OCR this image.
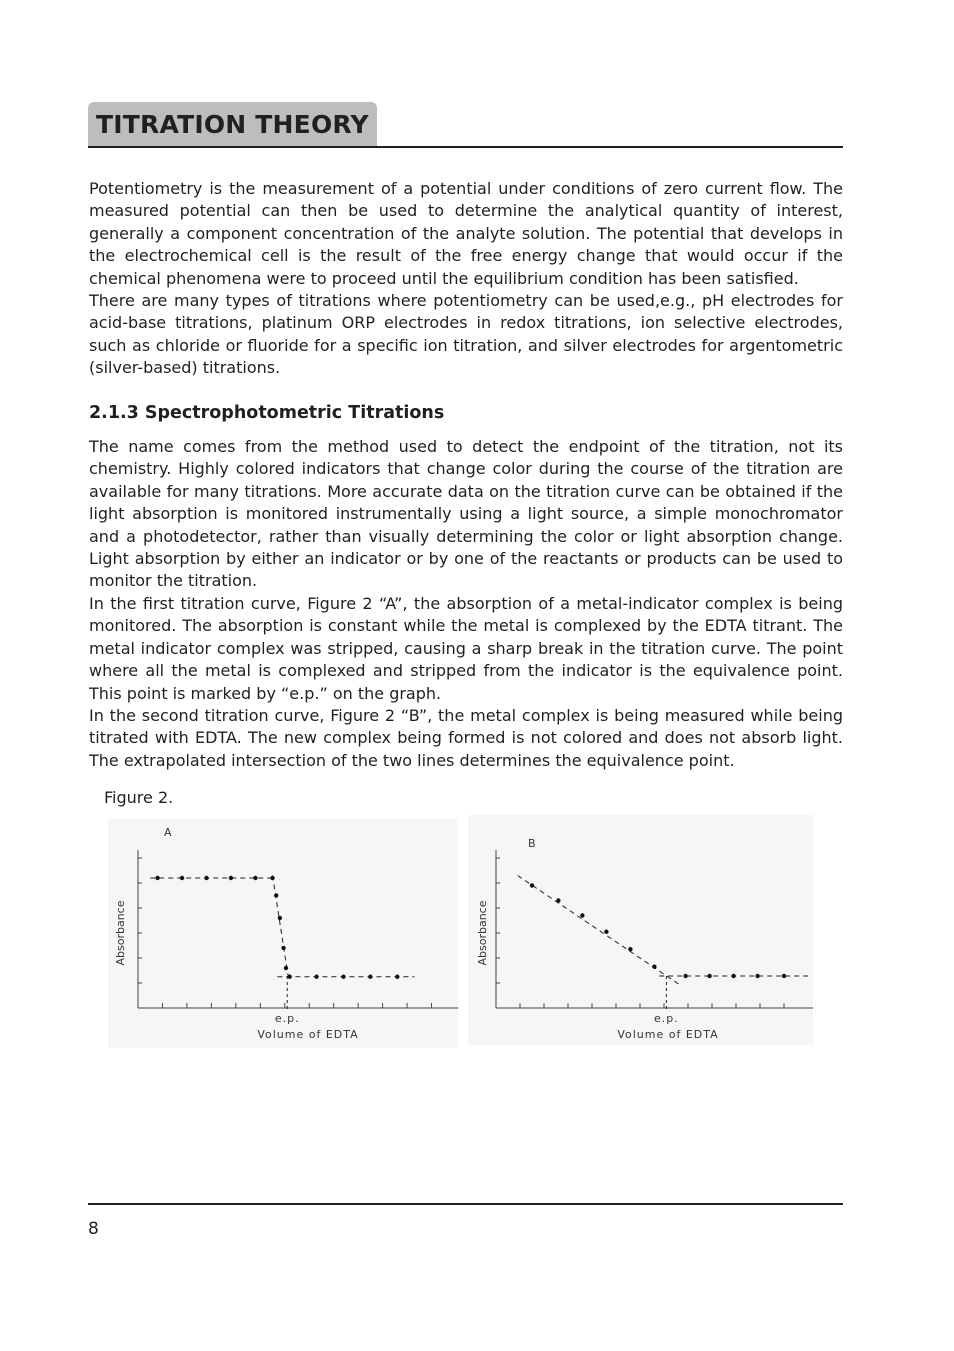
TITRATION THEORY

Potentiometry is the measurement of a potential under conditions of zero current flow. The measured potential can then be used to determine the analytical quantity of interest, generally a component concentration of the analyte solution. The potential that develops in the electrochemical cell is the result of the free energy change that would occur if the chemical phenomena were to proceed until the equilibrium condition has been satisfied.

There are many types of titrations where potentiometry can be used,e.g., pH electrodes for acid-base titrations, platinum ORP electrodes in redox titrations, ion selective electrodes, such as chloride or fluoride for a specific ion titration, and silver electrodes for argentometric (silver-based) titrations.

2.1.3 Spectrophotometric Titrations

The name comes from the method used to detect the endpoint of the titration, not its chemistry. Highly colored indicators that change color during the course of the titration are available for many titrations. More accurate data on the titration curve can be obtained if the light absorption is monitored instrumentally using a light source, a simple monochromator and a photodetector, rather than visually determining the color or light absorption change. Light absorption by either an indicator or by one of the reactants or products can be used to monitor the titration.

In the first titration curve, Figure 2 “A”, the absorption of a metal-indicator complex is being monitored. The absorption is constant while the metal is complexed by the EDTA titrant. The metal indicator complex was stripped, causing a sharp break in the titration curve. The point where all the metal is complexed and stripped from the indicator is the equivalence point. This point is marked by “e.p.” on the graph.

In the second titration curve, Figure 2 “B”, the metal complex is being measured while being titrated with EDTA. The new complex being formed is not colored and does not absorb light. The extrapolated intersection of the two lines determines the equivalence point.

Figure 2.
A
e.p.
Volume of EDTA
Absorbance
B
e.p.
Volume of EDTA
Absorbance
8
